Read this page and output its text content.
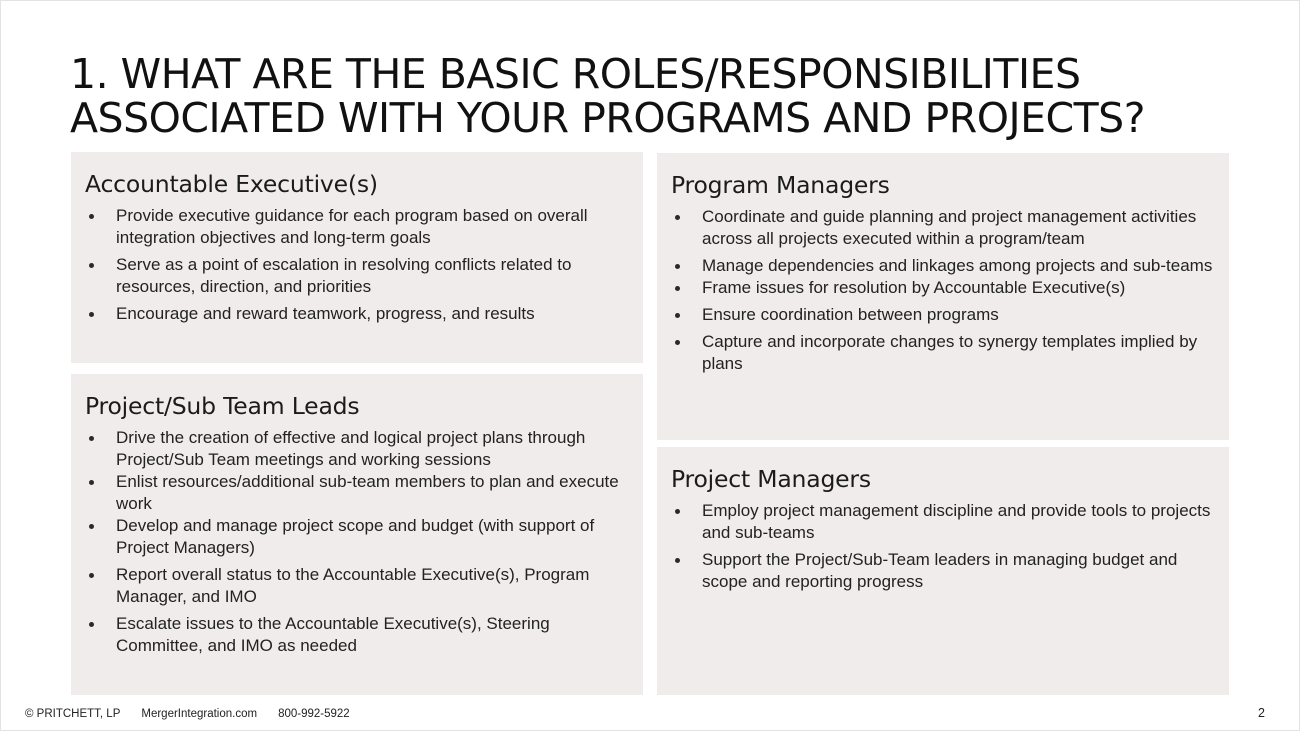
1. WHAT ARE THE BASIC ROLES/RESPONSIBILITIES
ASSOCIATED WITH YOUR PROGRAMS AND PROJECTS?
Accountable Executive(s)
Provide executive guidance for each program based on overall integration objectives and long-term goals
Serve as a point of escalation in resolving conflicts related to resources, direction, and priorities
Encourage and reward teamwork, progress, and results
Program Managers
Coordinate and guide planning and project management activities across all projects executed within a program/team
Manage dependencies and linkages among projects and sub-teams
Frame issues for resolution by Accountable Executive(s)
Ensure coordination between programs
Capture and incorporate changes to synergy templates implied by plans
Project/Sub Team Leads
Drive the creation of effective and logical project plans through Project/Sub Team meetings and working sessions
Enlist resources/additional sub-team members to plan and execute work
Develop and manage project scope and budget (with support of Project Managers)
Report overall status to the Accountable Executive(s), Program Manager, and IMO
Escalate issues to the Accountable Executive(s), Steering Committee, and IMO as needed
Project Managers
Employ project management discipline and provide tools to projects and sub-teams
Support the Project/Sub-Team leaders in managing budget and scope and reporting progress
© PRITCHETT, LP MergerIntegration.com 800-992-5922	2
